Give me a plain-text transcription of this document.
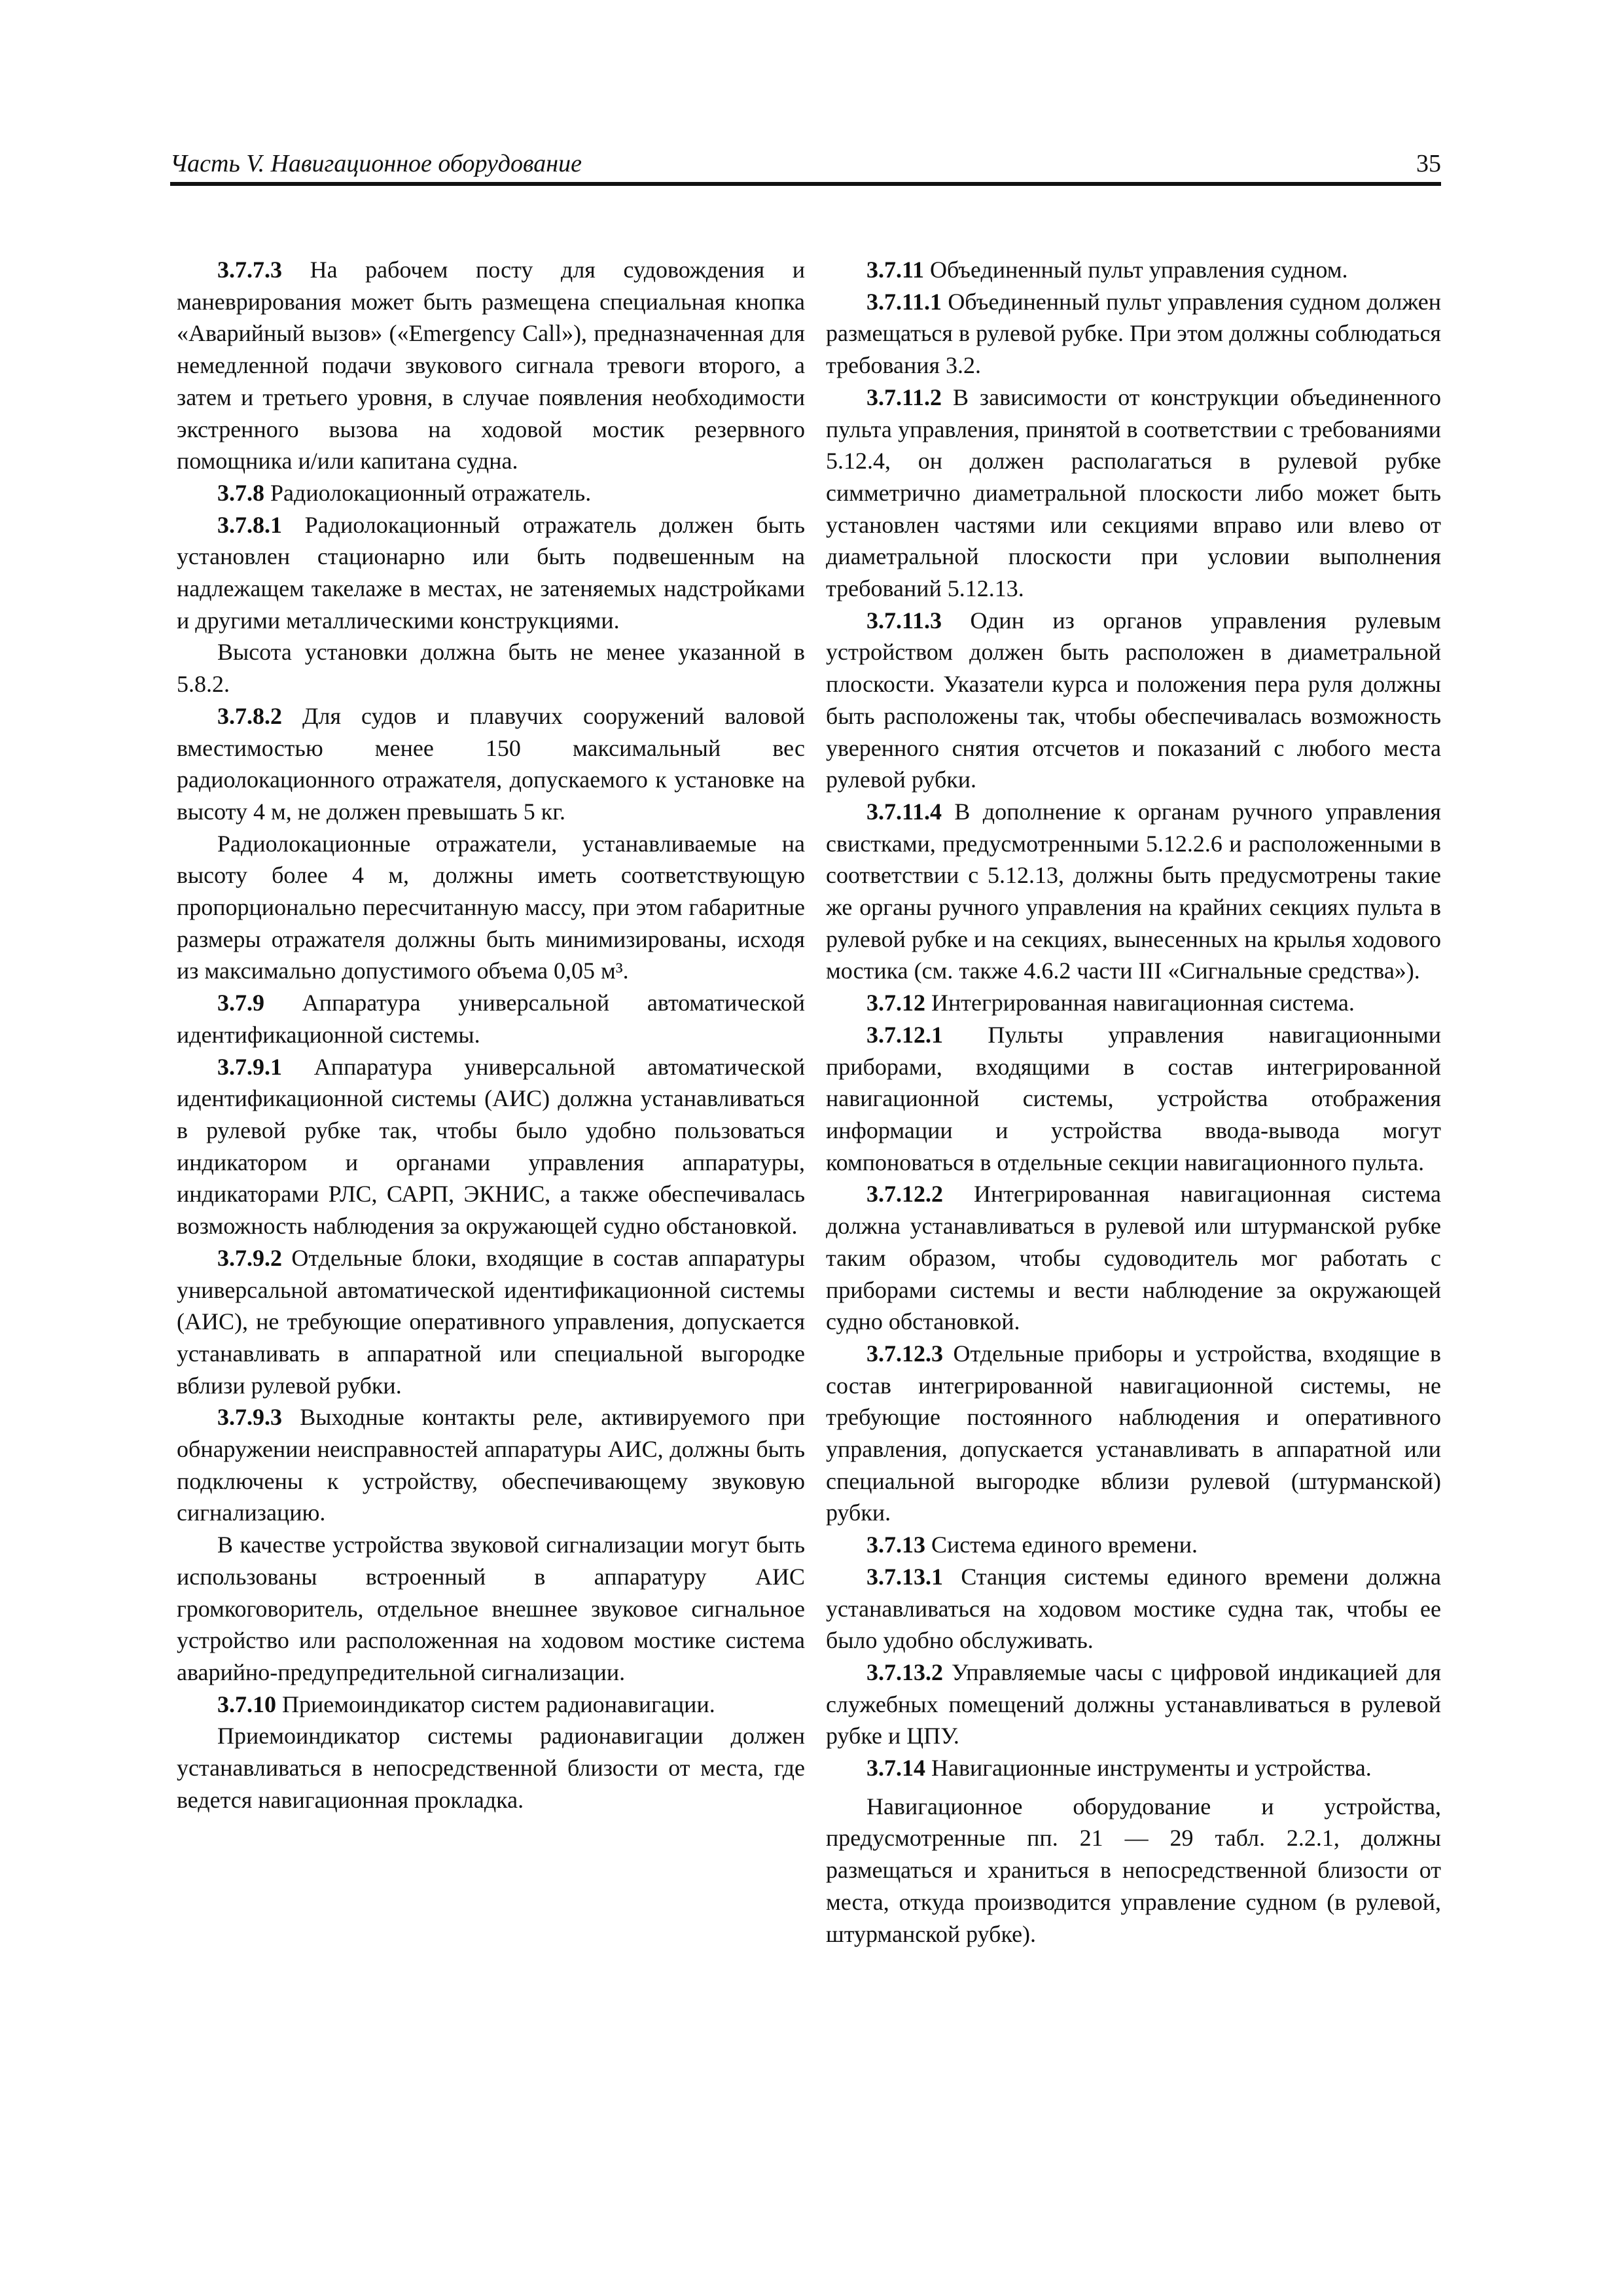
Часть V. Навигационное оборудование	35

3.7.7.3 На рабочем посту для судовождения и маневрирования может быть размещена специальная кнопка «Аварийный вызов» («Emergency Call»), предназначенная для немедленной подачи звукового сигнала тревоги второго, а затем и третьего уровня, в случае появления необходимости экстренного вызова на ходовой мостик резервного помощника и/или капитана судна.

3.7.8 Радиолокационный отражатель.

3.7.8.1 Радиолокационный отражатель должен быть установлен стационарно или быть подвешенным на надлежащем такелаже в местах, не затеняемых надстройками и другими металлическими конструкциями.

Высота установки должна быть не менее указанной в 5.8.2.

3.7.8.2 Для судов и плавучих сооружений валовой вместимостью менее 150 максимальный вес радиолокационного отражателя, допускаемого к установке на высоту 4 м, не должен превышать 5 кг.

Радиолокационные отражатели, устанавливаемые на высоту более 4 м, должны иметь соответствующую пропорционально пересчитанную массу, при этом габаритные размеры отражателя должны быть минимизированы, исходя из максимально допустимого объема 0,05 м³.

3.7.9 Аппаратура универсальной автоматической идентификационной системы.

3.7.9.1 Аппаратура универсальной автоматической идентификационной системы (АИС) должна устанавливаться в рулевой рубке так, чтобы было удобно пользоваться индикатором и органами управления аппаратуры, индикаторами РЛС, САРП, ЭКНИС, а также обеспечивалась возможность наблюдения за окружающей судно обстановкой.

3.7.9.2 Отдельные блоки, входящие в состав аппаратуры универсальной автоматической идентификационной системы (АИС), не требующие оперативного управления, допускается устанавливать в аппаратной или специальной выгородке вблизи рулевой рубки.

3.7.9.3 Выходные контакты реле, активируемого при обнаружении неисправностей аппаратуры АИС, должны быть подключены к устройству, обеспечивающему звуковую сигнализацию.

В качестве устройства звуковой сигнализации могут быть использованы встроенный в аппаратуру АИС громкоговоритель, отдельное внешнее звуковое сигнальное устройство или расположенная на ходовом мостике система аварийно-предупредительной сигнализации.

3.7.10 Приемоиндикатор систем радионавигации.

Приемоиндикатор системы радионавигации должен устанавливаться в непосредственной близости от места, где ведется навигационная прокладка.

3.7.11 Объединенный пульт управления судном.

3.7.11.1 Объединенный пульт управления судном должен размещаться в рулевой рубке. При этом должны соблюдаться требования 3.2.

3.7.11.2 В зависимости от конструкции объединенного пульта управления, принятой в соответствии с требованиями 5.12.4, он должен располагаться в рулевой рубке симметрично диаметральной плоскости либо может быть установлен частями или секциями вправо или влево от диаметральной плоскости при условии выполнения требований 5.12.13.

3.7.11.3 Один из органов управления рулевым устройством должен быть расположен в диаметральной плоскости. Указатели курса и положения пера руля должны быть расположены так, чтобы обеспечивалась возможность уверенного снятия отсчетов и показаний с любого места рулевой рубки.

3.7.11.4 В дополнение к органам ручного управления свистками, предусмотренными 5.12.2.6 и расположенными в соответствии с 5.12.13, должны быть предусмотрены такие же органы ручного управления на крайних секциях пульта в рулевой рубке и на секциях, вынесенных на крылья ходового мостика (см. также 4.6.2 части III «Сигнальные средства»).

3.7.12 Интегрированная навигационная система.

3.7.12.1 Пульты управления навигационными приборами, входящими в состав интегрированной навигационной системы, устройства отображения информации и устройства ввода-вывода могут компоноваться в отдельные секции навигационного пульта.

3.7.12.2 Интегрированная навигационная система должна устанавливаться в рулевой или штурманской рубке таким образом, чтобы судоводитель мог работать с приборами системы и вести наблюдение за окружающей судно обстановкой.

3.7.12.3 Отдельные приборы и устройства, входящие в состав интегрированной навигационной системы, не требующие постоянного наблюдения и оперативного управления, допускается устанавливать в аппаратной или специальной выгородке вблизи рулевой (штурманской) рубки.

3.7.13 Система единого времени.

3.7.13.1 Станция системы единого времени должна устанавливаться на ходовом мостике судна так, чтобы ее было удобно обслуживать.

3.7.13.2 Управляемые часы с цифровой индикацией для служебных помещений должны устанавливаться в рулевой рубке и ЦПУ.

3.7.14 Навигационные инструменты и устройства.

Навигационное оборудование и устройства, предусмотренные пп. 21 — 29 табл. 2.2.1, должны размещаться и храниться в непосредственной близости от места, откуда производится управление судном (в рулевой, штурманской рубке).
